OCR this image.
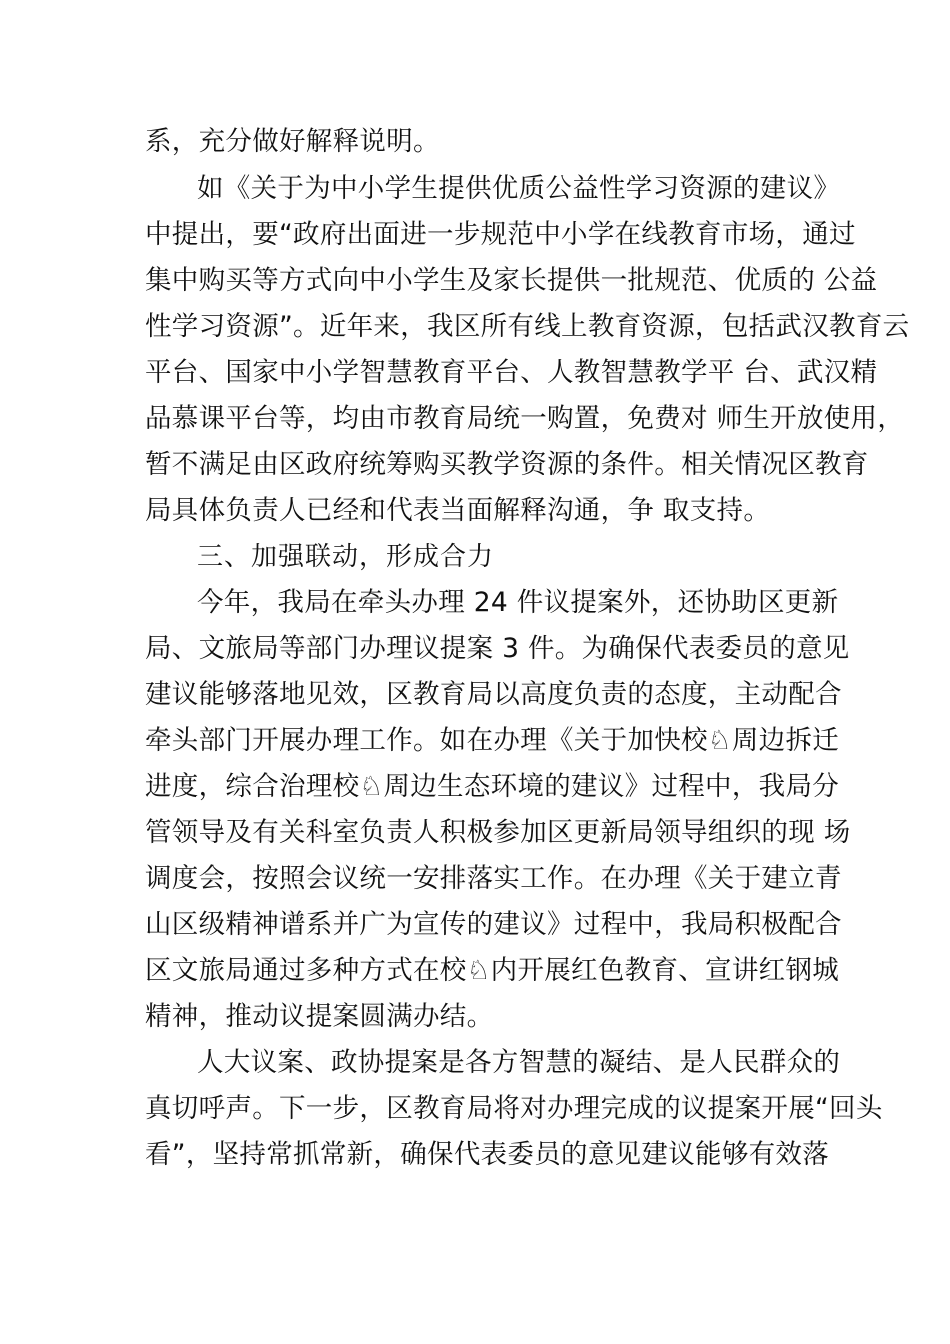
系，充分做好解释说明。
如《关于为中小学生提供优质公益性学习资源的建议》
中提出，要“政府出面进一步规范中小学在线教育市场，通过
集中购买等方式向中小学生及家长提供一批规范、优质的 公益
性学习资源”。近年来，我区所有线上教育资源，包括武汉教育云
平台、国家中小学智慧教育平台、人教智慧教学平 台、武汉精
品慕课平台等，均由市教育局统一购置，免费对 师生开放使用，
暂不满足由区政府统筹购买教学资源的条件。相关情况区教育
局具体负责人已经和代表当面解释沟通，争 取支持。
三、加强联动，形成合力
今年，我局在牵头办理 24 件议提案外，还协助区更新
局、文旅局等部门办理议提案 3 件。为确保代表委员的意见
建议能够落地见效，区教育局以高度负责的态度，主动配合
牵头部门开展办理工作。如在办理《关于加快校♘周边拆迁
进度，综合治理校♘周边生态环境的建议》过程中，我局分
管领导及有关科室负责人积极参加区更新局领导组织的现 场
调度会，按照会议统一安排落实工作。在办理《关于建立青
山区级精神谱系并广为宣传的建议》过程中，我局积极配合
区文旅局通过多种方式在校♘内开展红色教育、宣讲红钢城
精神，推动议提案圆满办结。
人大议案、政协提案是各方智慧的凝结、是人民群众的
真切呼声。下一步，区教育局将对办理完成的议提案开展“回头
看”，坚持常抓常新，确保代表委员的意见建议能够有效落
